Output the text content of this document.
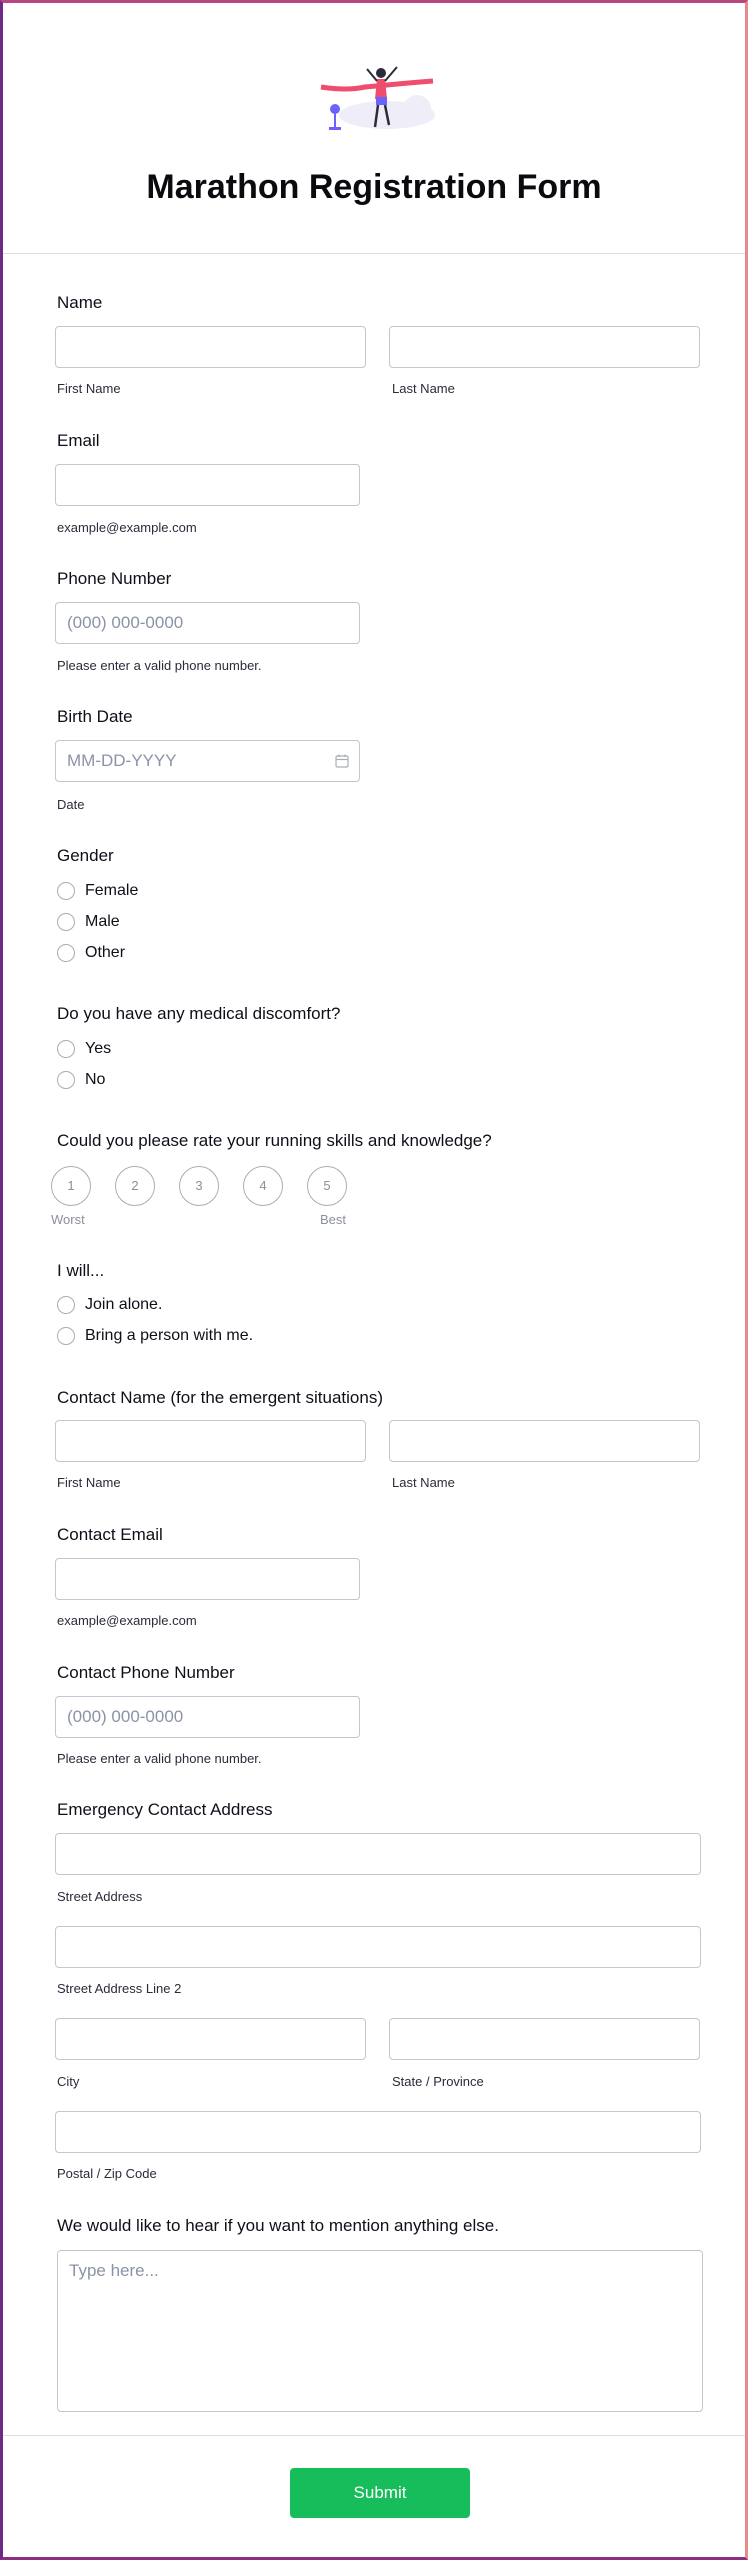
Marathon Registration Form
Name
First Name	Last Name
Email
example@example.com
Phone Number
(000) 000-0000
Please enter a valid phone number.
Birth Date
MM-DD-YYYY
Date
Gender
Female
Male
Other
Do you have any medical discomfort?
Yes
No
Could you please rate your running skills and knowledge?
1	2	3	4	5
Worst	Best
I will...
Join alone.
Bring a person with me.
Contact Name (for the emergent situations)
First Name	Last Name
Contact Email
example@example.com
Contact Phone Number
(000) 000-0000
Please enter a valid phone number.
Emergency Contact Address
Street Address
Street Address Line 2
City	State / Province
Postal / Zip Code
We would like to hear if you want to mention anything else.
Type here...
Submit
